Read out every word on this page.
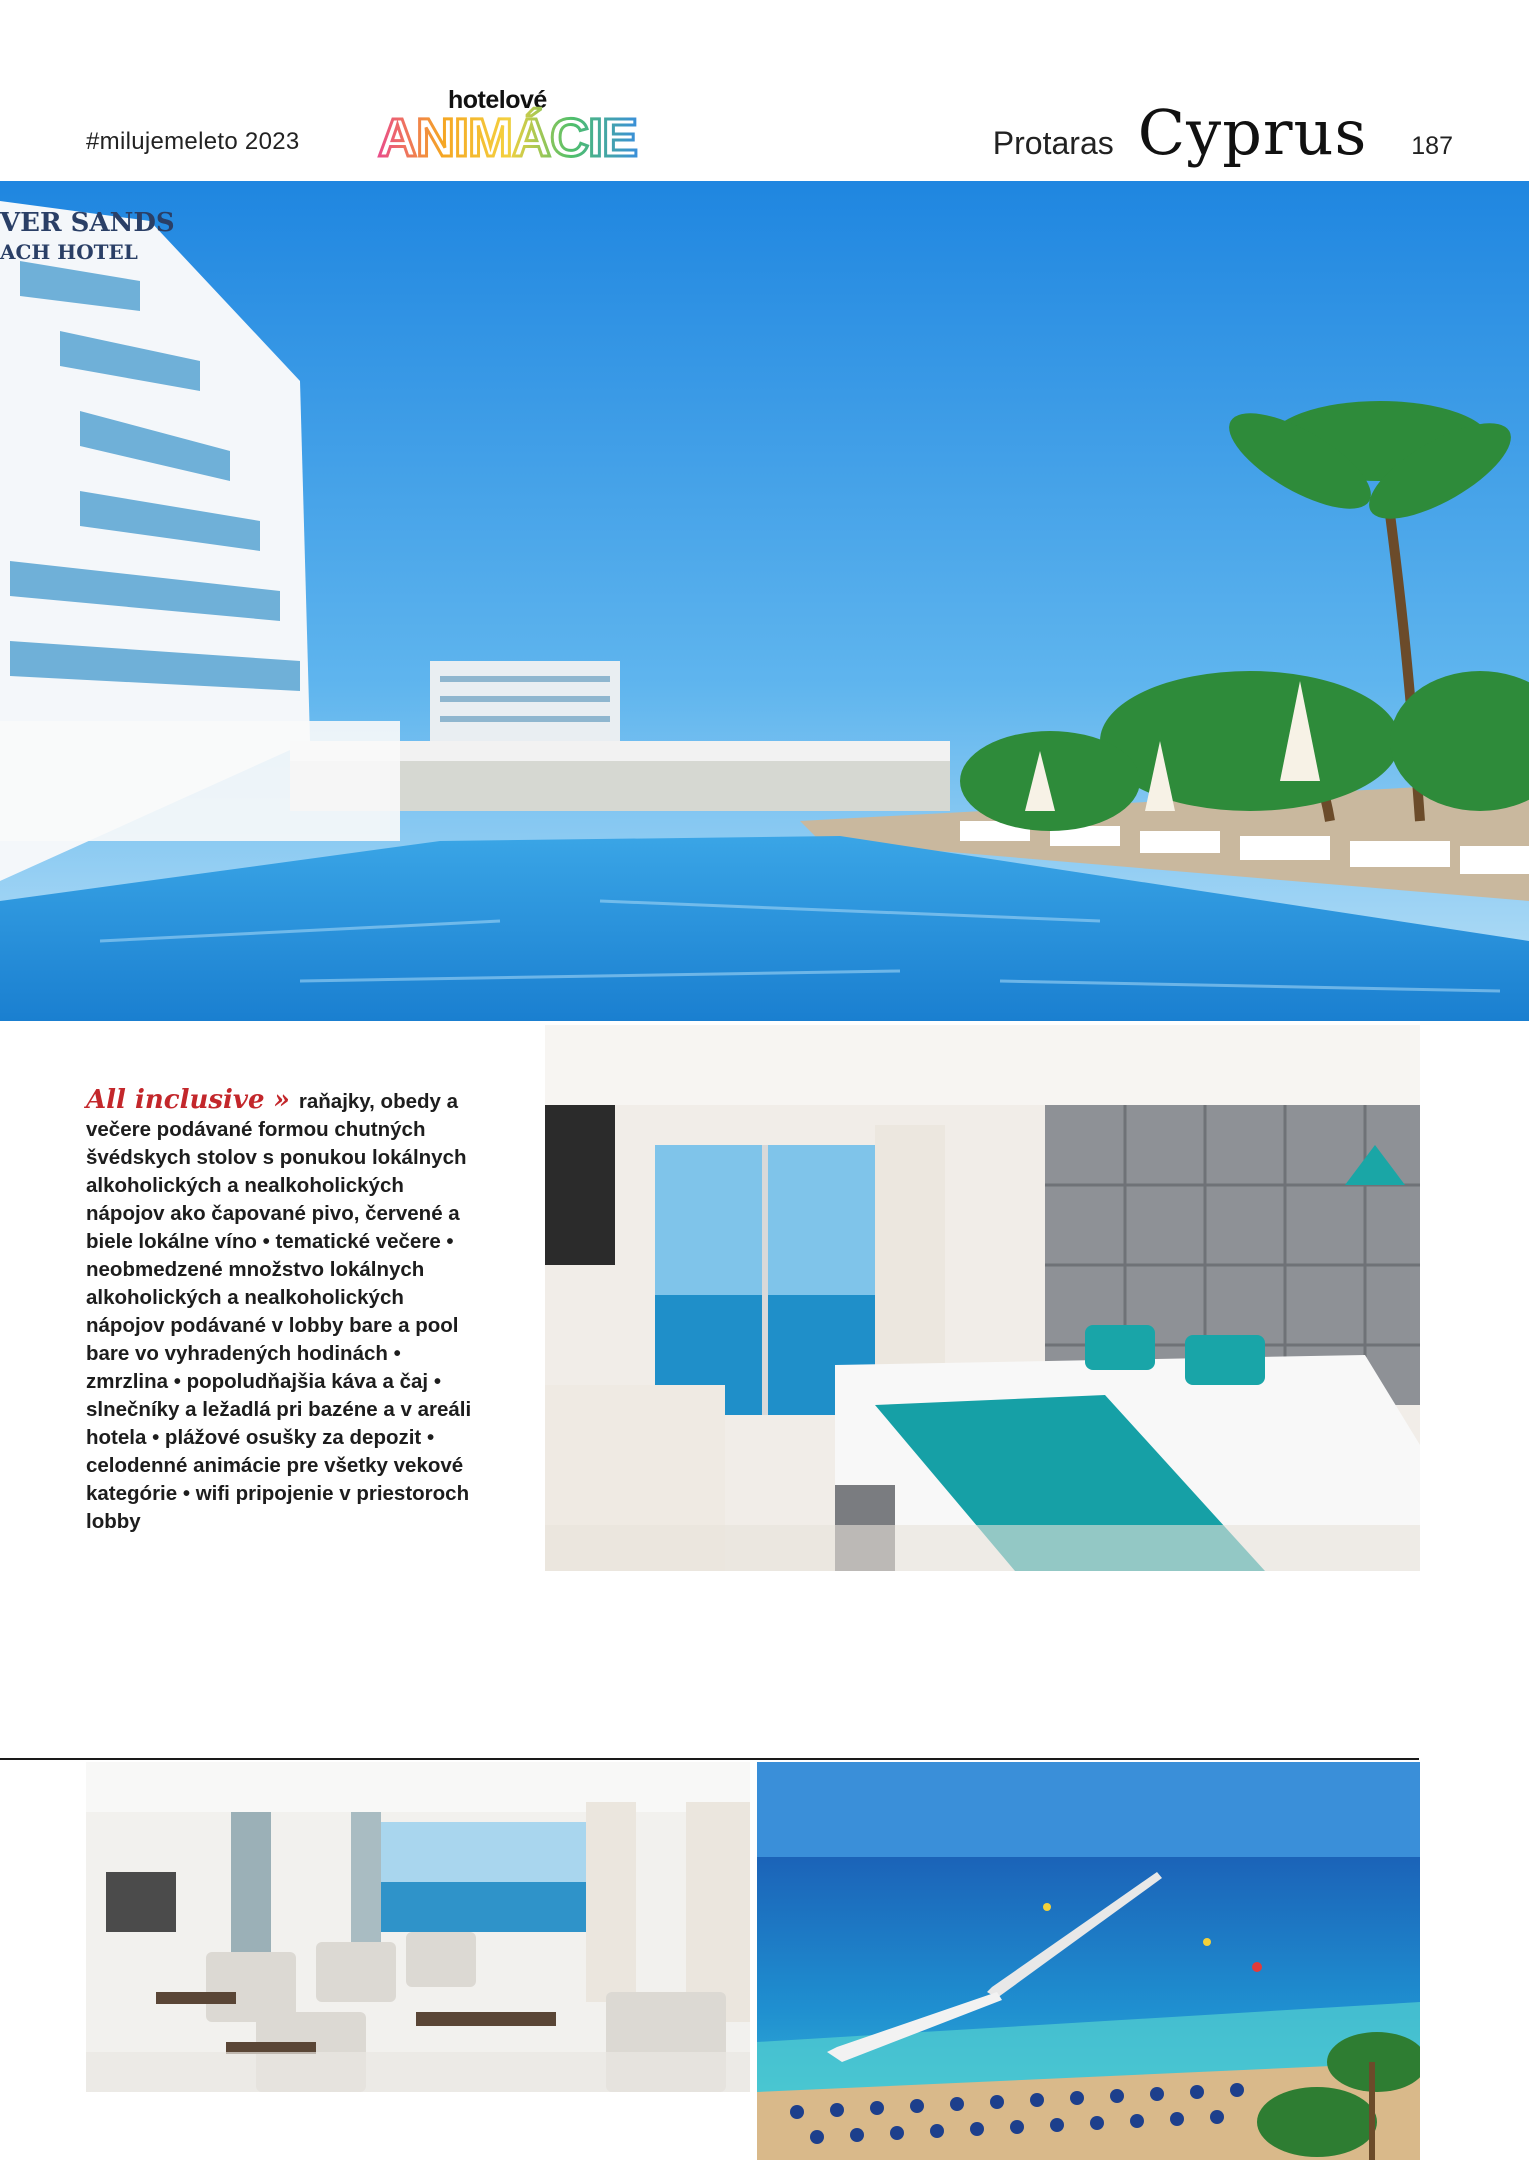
#milujemeleto 2023
hotelové
ANIMÁCIE	Protaras Cyprus 187
VER SANDS
ACH HOTEL
All inclusive » raňajky, obedy a večere podávané formou chutných švédskych stolov s ponukou lokálnych alkoholických a nealkoholických nápojov ako čapované pivo, červené a biele lokálne víno • tematické večere • neobmedzené množstvo lokálnych alkoholických a nealkoholických nápojov podávané v lobby bare a pool bare vo vyhradených hodinách • zmrzlina • popoludňajšia káva a čaj • slnečníky a ležadlá pri bazéne a v areáli hotela • plážové osušky za depozit • celodenné animácie pre všetky vekové kategórie • wifi pripojenie v priestoroch lobby
